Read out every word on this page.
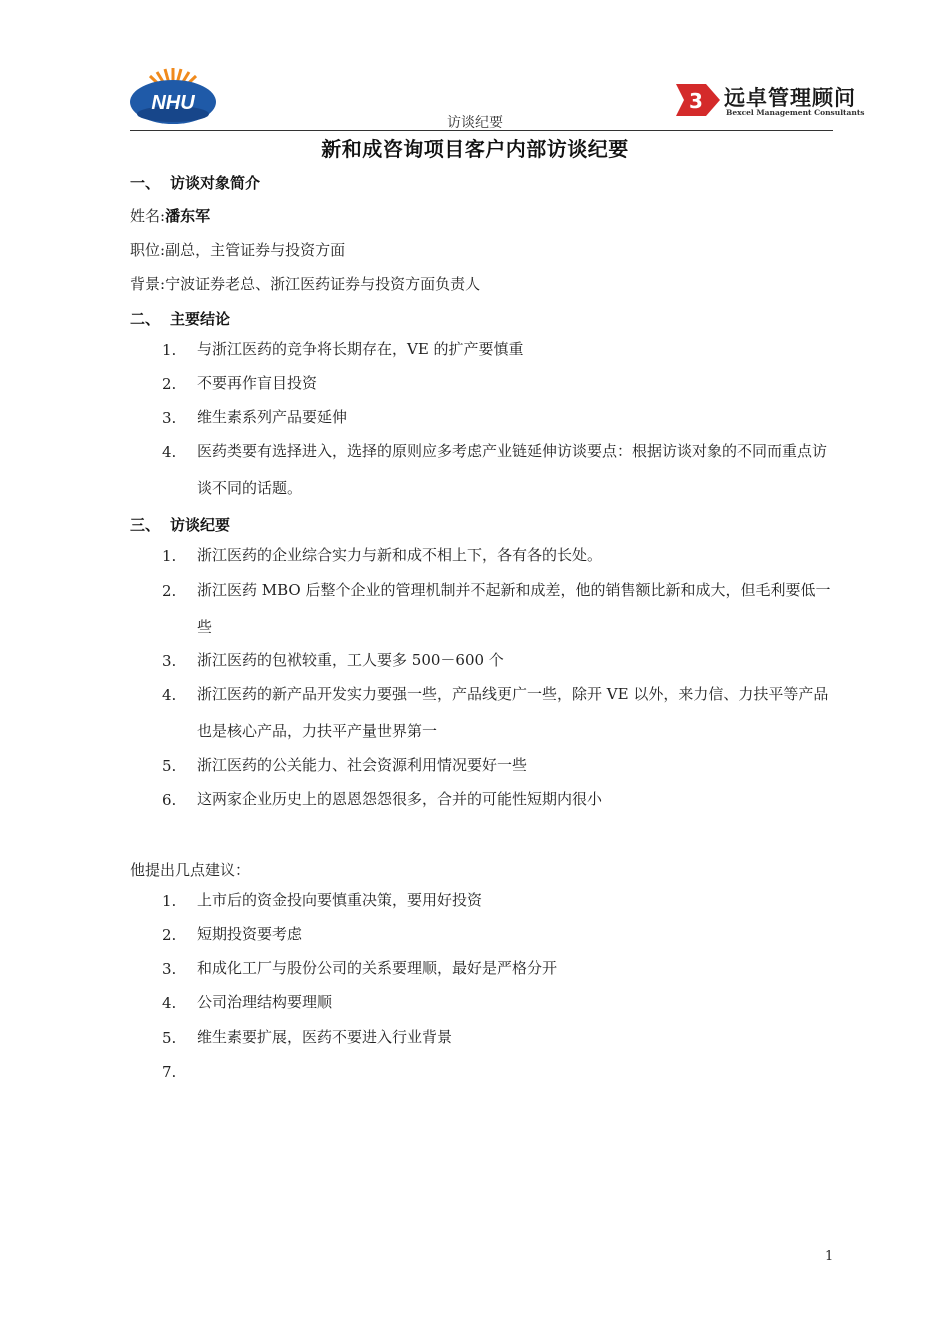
NHU	3 远卓管理顾问
Bexcel Management Consultants
访谈纪要
新和成咨询项目客户内部访谈纪要
一、 访谈对象简介
姓名:潘东军
职位:副总，主管证券与投资方面
背景:宁波证券老总、浙江医药证券与投资方面负责人
二、 主要结论
1.	与浙江医药的竞争将长期存在，VE 的扩产要慎重
2.	不要再作盲目投资
3.	维生素系列产品要延伸
4.	医药类要有选择进入，选择的原则应多考虑产业链延伸访谈要点：根据访谈对象的不同而重点访谈不同的话题。
三、 访谈纪要
1.	浙江医药的企业综合实力与新和成不相上下，各有各的长处。
2.	浙江医药 MBO 后整个企业的管理机制并不起新和成差，他的销售额比新和成大，但毛利要低一些
3.	浙江医药的包袱较重，工人要多 500－600 个
4.	浙江医药的新产品开发实力要强一些，产品线更广一些，除开 VE 以外，来力信、力扶平等产品也是核心产品，力扶平产量世界第一
5.	浙江医药的公关能力、社会资源利用情况要好一些
6.	这两家企业历史上的恩恩怨怨很多，合并的可能性短期内很小
他提出几点建议：
1.	上市后的资金投向要慎重决策，要用好投资
2.	短期投资要考虑
3.	和成化工厂与股份公司的关系要理顺，最好是严格分开
4.	公司治理结构要理顺
5.	维生素要扩展，医药不要进入行业背景
7.
1
